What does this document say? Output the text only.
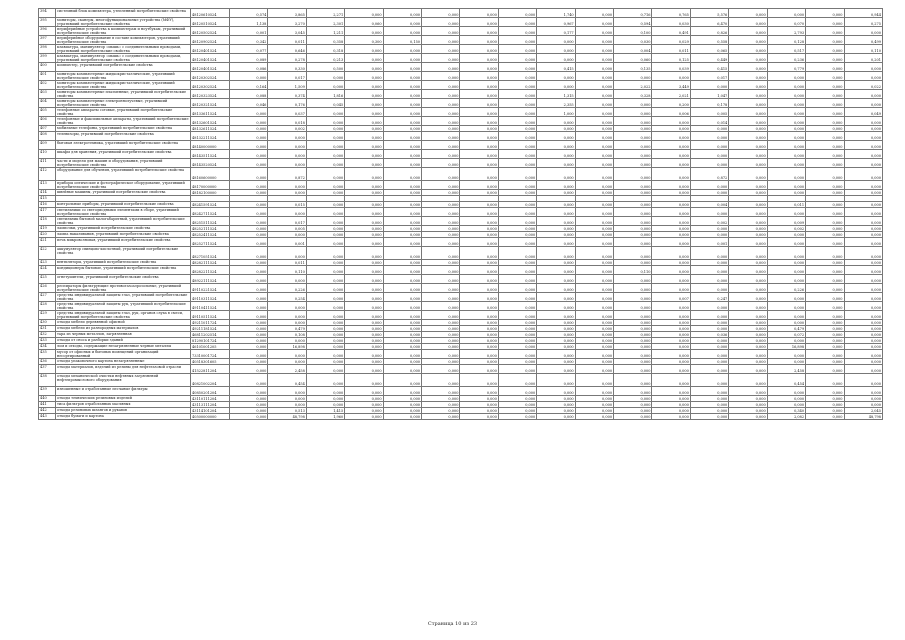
394	системный блок компьютера, утепленный потребительские свойства	48120610524	0,574	3,865	2,271	0,000	0,000	0,000	0,000	0,000	1,740	0,000	0,716	0,765	5,576	0,000	0,000	0,000	0,944
395	мониторы, сканеры, многофункциональные устройства (МФУ), утративший потребительские свойства	48120510524	1,138	3,270	2,301	0,060	0,000	0,000	0,000	0,000	0,967	0,000	0,594	0,030	6,470	0,000	0,070	0,000	0,275
396	периферийные устройства к компьютерам и ноутбукам, утративший потребительские свойства	48120502524	0,001	3,045	1,211	0,000	0,000	0,000	0,000	0,000	0,177	0,000	0,100	0,491	0,826	0,000	2,793	0,000	0,000
397	периферийное оборудование в составе компьютеров, утративший потребительские свойства	48120902524	0,342	0,011	0,358	0,300	0,150	0,000	0,000	0,000	0,000	0,000	0,030	0,029	0,558	0,000	0,128	0,000	0,499
398	клавиатура, манипулятор «мышь» с соединительными проводами, утративший потребительские свойства	48120401524	0,077	0,646	0,318	0,000	0,000	0,000	0,000	0,000	0,000	0,000	0,004	0,011	0,065	0,000	0,517	0,000	0,110
399	клавиатура, манипулятор «мышь» с соединительными проводами, утративший потребительские свойства	48120401524	0,089	0,278	0,213	0,000	0,000	0,000	0,000	0,000	0,000	0,000	0,060	0,125	0,449	0,000	0,236	0,000	0,201
400	компьютер, утративший потребительские свойства	48120401524	0,086	0,330	0,500	0,000	0,000	0,000	0,000	0,000	0,415	0,000	0,135	0,039	0,415	0,000	0,779	0,000	0,000
401	мониторы компьютерные жидкокристаллические, утративший потребительские свойства	48120302524	0,000	0,017	0,000	0,000	0,000	0,000	0,000	0,000	0,000	0,000	0,000	0,000	0,017	0,000	0,000	0,000	0,000
402	мониторы компьютерные жидкокристаллические, утративший потребительские свойства	48120302524	0,164	1,509	0,000	0,000	0,000	0,000	0,000	0,000	0,000	0,000	2,022	3,449	0,000	0,000	0,000	0,000	0,022
403	мониторы компьютерные плазменные, утративший потребительские свойства	48120323524	0,088	0,374	1,816	0,000	0,000	0,000	0,000	0,000	1,315	0,000	0,328	2,021	1,047	0,000	0,000	0,000	0,000
404	мониторы компьютерные электроннолучевые, утративший потребительские свойства	48120321524	0,046	0,176	0,045	0,000	0,000	0,000	0,000	0,000	2,355	0,000	0,000	0,200	0,178	0,000	0,000	0,000	0,000
405	телефонные аппараты сотовые, утративший потребительские свойства	48133611524	0,000	0,037	0,000	0,000	0,000	0,000	0,000	0,000	1,000	0,000	0,000	0,006	0,005	0,000	0,000	0,000	0,049
406	телефонные и факсимильные аппараты, утративший потребительские свойства	48132601524	0,000	0,018	0,000	0,000	0,000	0,000	0,000	0,000	0,000	0,000	0,000	0,000	0,014	0,000	0,000	0,000	0,000
407	мобильные телефоны, утративший потребительские свойства	48132611524	0,000	0,002	0,000	0,000	0,000	0,000	0,000	0,000	0,000	0,000	0,000	0,000	0,000	0,000	0,000	0,000	0,000
408	телевизоры, утративший потребительские свойства	48132211524	0,000	0,000	0,000	0,000	0,000	0,000	0,000	0,000	0,000	0,000	0,000	0,000	0,000	0,000	0,000	0,000	0,000
409	бытовая электротехника, утративший потребительские свойства	48140000000	0,000	0,000	0,000	0,000	0,000	0,000	0,000	0,000	0,000	0,000	0,000	0,000	0,000	0,000	0,000	0,000	0,000
410	шкафы для хранения, утративший потребительские свойства	48143511524	0,000	0,000	0,000	0,000	0,000	0,000	0,000	0,000	0,000	0,000	0,000	0,000	0,000	0,000	0,000	0,000	0,000
411	части и модели для машин и оборудования, утративший потребительские свойства	48143520524	0,000	0,000	0,000	0,000	0,000	0,000	0,000	0,000	0,000	0,000	0,000	0,000	0,000	0,000	0,000	0,000	0,000
412	оборудование для обучения, утративший потребительские свойства	48160600000	0,000	0,872	0,000	0,000	0,000	0,000	0,000	0,000	0,000	0,000	0,000	0,000	0,872	0,000	0,000	0,000	0,000
413	приборы оптические и фотографическое оборудование, утративший потребительские свойства	48170000000	0,000	0,000	0,000	0,000	0,000	0,000	0,000	0,000	0,000	0,000	0,000	0,000	0,000	0,000	0,000	0,000	0,000
414	швейные машины, утративший потребительские свойства	48182100000	0,000	0,000	0,000	0,000	0,000	0,000	0,000	0,000	0,000	0,000	0,000	0,000	0,000	0,000	0,000	0,000	0,000
415																			
416	контрольные приборы, утративший потребительские свойства	48241591524	0,000	0,015	0,000	0,000	0,000	0,000	0,000	0,000	0,000	0,000	0,000	0,000	0,004	0,000	0,011	0,000	0,000
417	светильники со светодиодными элементами в сборе, утративший потребительские свойства	48242711524	0,000	0,000	0,000	0,000	0,000	0,000	0,000	0,000	0,000	0,000	0,000	0,000	0,000	0,000	0,000	0,000	0,000
418	светильник бытовой малогабаритный, утративший потребительские свойства	48251511524	0,000	0,017	0,000	0,000	0,000	0,000	0,000	0,000	0,000	0,000	0,000	0,000	0,002	0,000	0,009	0,000	0,000
419	лампочки, утративший потребительские свойства	48252111524	0,000	0,005	0,000	0,000	0,000	0,000	0,000	0,000	0,000	0,000	0,000	0,000	0,000	0,000	0,002	0,000	0,000
420	лампа накаливания, утративший потребительские свойства	48252411524	0,000	0,000	0,000	0,000	0,000	0,000	0,000	0,000	0,000	0,000	0,000	0,000	0,000	0,000	0,000	0,000	0,000
421	печь микроволновая, утративший потребительские свойства	48252711524	0,000	0,001	0,000	0,000	0,000	0,000	0,000	0,000	0,000	0,000	0,000	0,000	0,001	0,000	0,000	0,000	0,000
422	аккумулятор свинцово-кислотный, утративший потребительские свойства	48271051524	0,000	0,000	0,000	0,000	0,000	0,000	0,000	0,000	0,000	0,000	0,000	0,000	0,000	0,000	0,000	0,000	0,000
423	вентиляторы, утративший потребительские свойства	48282111524	0,000	0,011	0,000	0,000	0,000	0,000	0,000	0,000	0,000	0,000	0,000	0,000	0,000	0,000	0,000	0,000	0,000
424	кондиционеры бытовые, утративший потребительские свойства	48282211524	0,000	0,110	0,000	0,000	0,000	0,000	0,000	0,000	0,000	0,000	0,110	0,000	0,000	0,000	0,000	0,000	0,000
425	огнетушители, утративший потребительские свойства	48922111524	0,000	0,000	0,000	0,000	0,000	0,000	0,000	0,000	0,000	0,000	0,000	0,000	0,000	0,000	0,000	0,000	0,000
426	респираторы фильтрующие противогазоаэрозольные, утративший потребительские свойства	49110221524	0,000	0,226	0,000	0,000	0,000	0,000	0,000	0,000	0,000	0,000	0,000	0,000	0,000	0,000	0,226	0,000	0,000
427	средства индивидуальной защиты глаз, утративший потребительские свойства	49110311524	0,000	0,254	0,000	0,000	0,000	0,000	0,000	0,000	0,000	0,000	0,000	0,007	0,247	0,000	0,000	0,000	0,000
428	средства индивидуальной защиты рук, утративший потребительские свойства	49110411524	0,000	0,000	0,000	0,000	0,000	0,000	0,000	0,000	0,000	0,000	0,000	0,000	0,000	0,000	0,000	0,000	0,000
429	средства индивидуальной защиты глаз, рук, органов слуха в смеси, утративший потребительские свойства	49110511524	0,000	0,000	0,000	0,000	0,000	0,000	0,000	0,000	0,000	0,000	0,000	0,000	0,000	0,000	0,000	0,000	0,000
430	отходы мебели деревянной офисной	49211011724	0,000	0,000	0,000	0,000	0,000	0,000	0,000	0,000	0,000	0,000	0,000	0,000	0,000	0,000	0,000	0,000	0,000
431	отходы мебели из разнородных материалов	49211181524	0,000	0,479	0,000	0,000	0,000	0,000	0,000	0,000	0,000	0,000	0,000	0,000	0,000	0,000	0,479	0,000	0,000
432	тара из черных металлов, загрязненная	46811202514	0,000	0,108	0,000	0,000	0,000	0,000	0,000	0,000	0,000	0,000	0,000	0,000	0,036	0,000	0,072	0,000	0,000
433	отходы от сноса и разборки зданий	81290101724	0,000	0,000	0,000	0,000	0,000	0,000	0,000	0,000	0,000	0,000	0,000	0,000	0,000	0,000	0,000	0,000	0,000
434	лом и отходы, содержащие незагрязненные черные металлы	46101001205	0,000	16,898	0,000	0,000	0,000	0,000	0,000	0,000	0,000	0,000	0,000	0,000	0,000	0,000	16,898	0,000	0,000
435	мусор от офисных и бытовых помещений организаций несортированный	73310001724	0,000	0,000	0,000	0,000	0,000	0,000	0,000	0,000	0,000	0,000	0,000	0,000	0,000	0,000	0,000	0,000	0,000
436	отходы упаковочного картона незагрязненные	40518301605	0,000	0,000	0,000	0,000	0,000	0,000	0,000	0,000	0,000	0,000	0,000	0,000	0,000	0,000	0,000	0,000	0,000
437	отходы материалов, изделий из резины для нефтегазовой отрасли	41522811204	0,000	2,458	0,000	0,000	0,000	0,000	0,000	0,000	0,000	0,000	0,000	0,000	0,000	0,000	2,458	0,000	0,000
438	отходы механической очистки нефтяных загрязнений нефтепромыслового оборудования	40821002204	0,000	0,454	0,000	0,000	0,000	0,000	0,000	0,000	0,000	0,000	0,000	0,000	0,000	0,000	0,454	0,000	0,000
439	изношенные и отработанные песчаные фильтры	40850201204	0,000	0,000	0,000	0,000	0,000	0,000	0,000	0,000	0,000	0,000	0,000	0,000	0,000	0,000	0,000	0,000	0,000
440	отходы технических резиновых изделий	43110111204	0,000	0,000	0,000	0,000	0,000	0,000	0,000	0,000	0,000	0,000	0,000	0,000	0,000	0,000	0,000	0,000	0,000
441	тиса фильтров отработанных масляных	43113111204	0,000	0,000	0,000	0,000	0,000	0,000	0,000	0,000	0,000	0,000	0,000	0,000	0,000	0,000	0,000	0,000	0,000
442	отходы резиновых шлангов и рукавов	43114101204	0,000	0,513	1,415	0,000	0,000	0,000	0,000	0,000	0,000	0,000	0,000	0,000	0,000	0,000	0,340	0,000	2,045
443	отходы бумаги и картона	40500000000	0,000	48,798	1,960	0,000	0,000	0,000	0,000	0,000	0,000	0,000	0,000	0,000	0,000	0,000	2,082	0,000	48,798
Страница 10 из 23
